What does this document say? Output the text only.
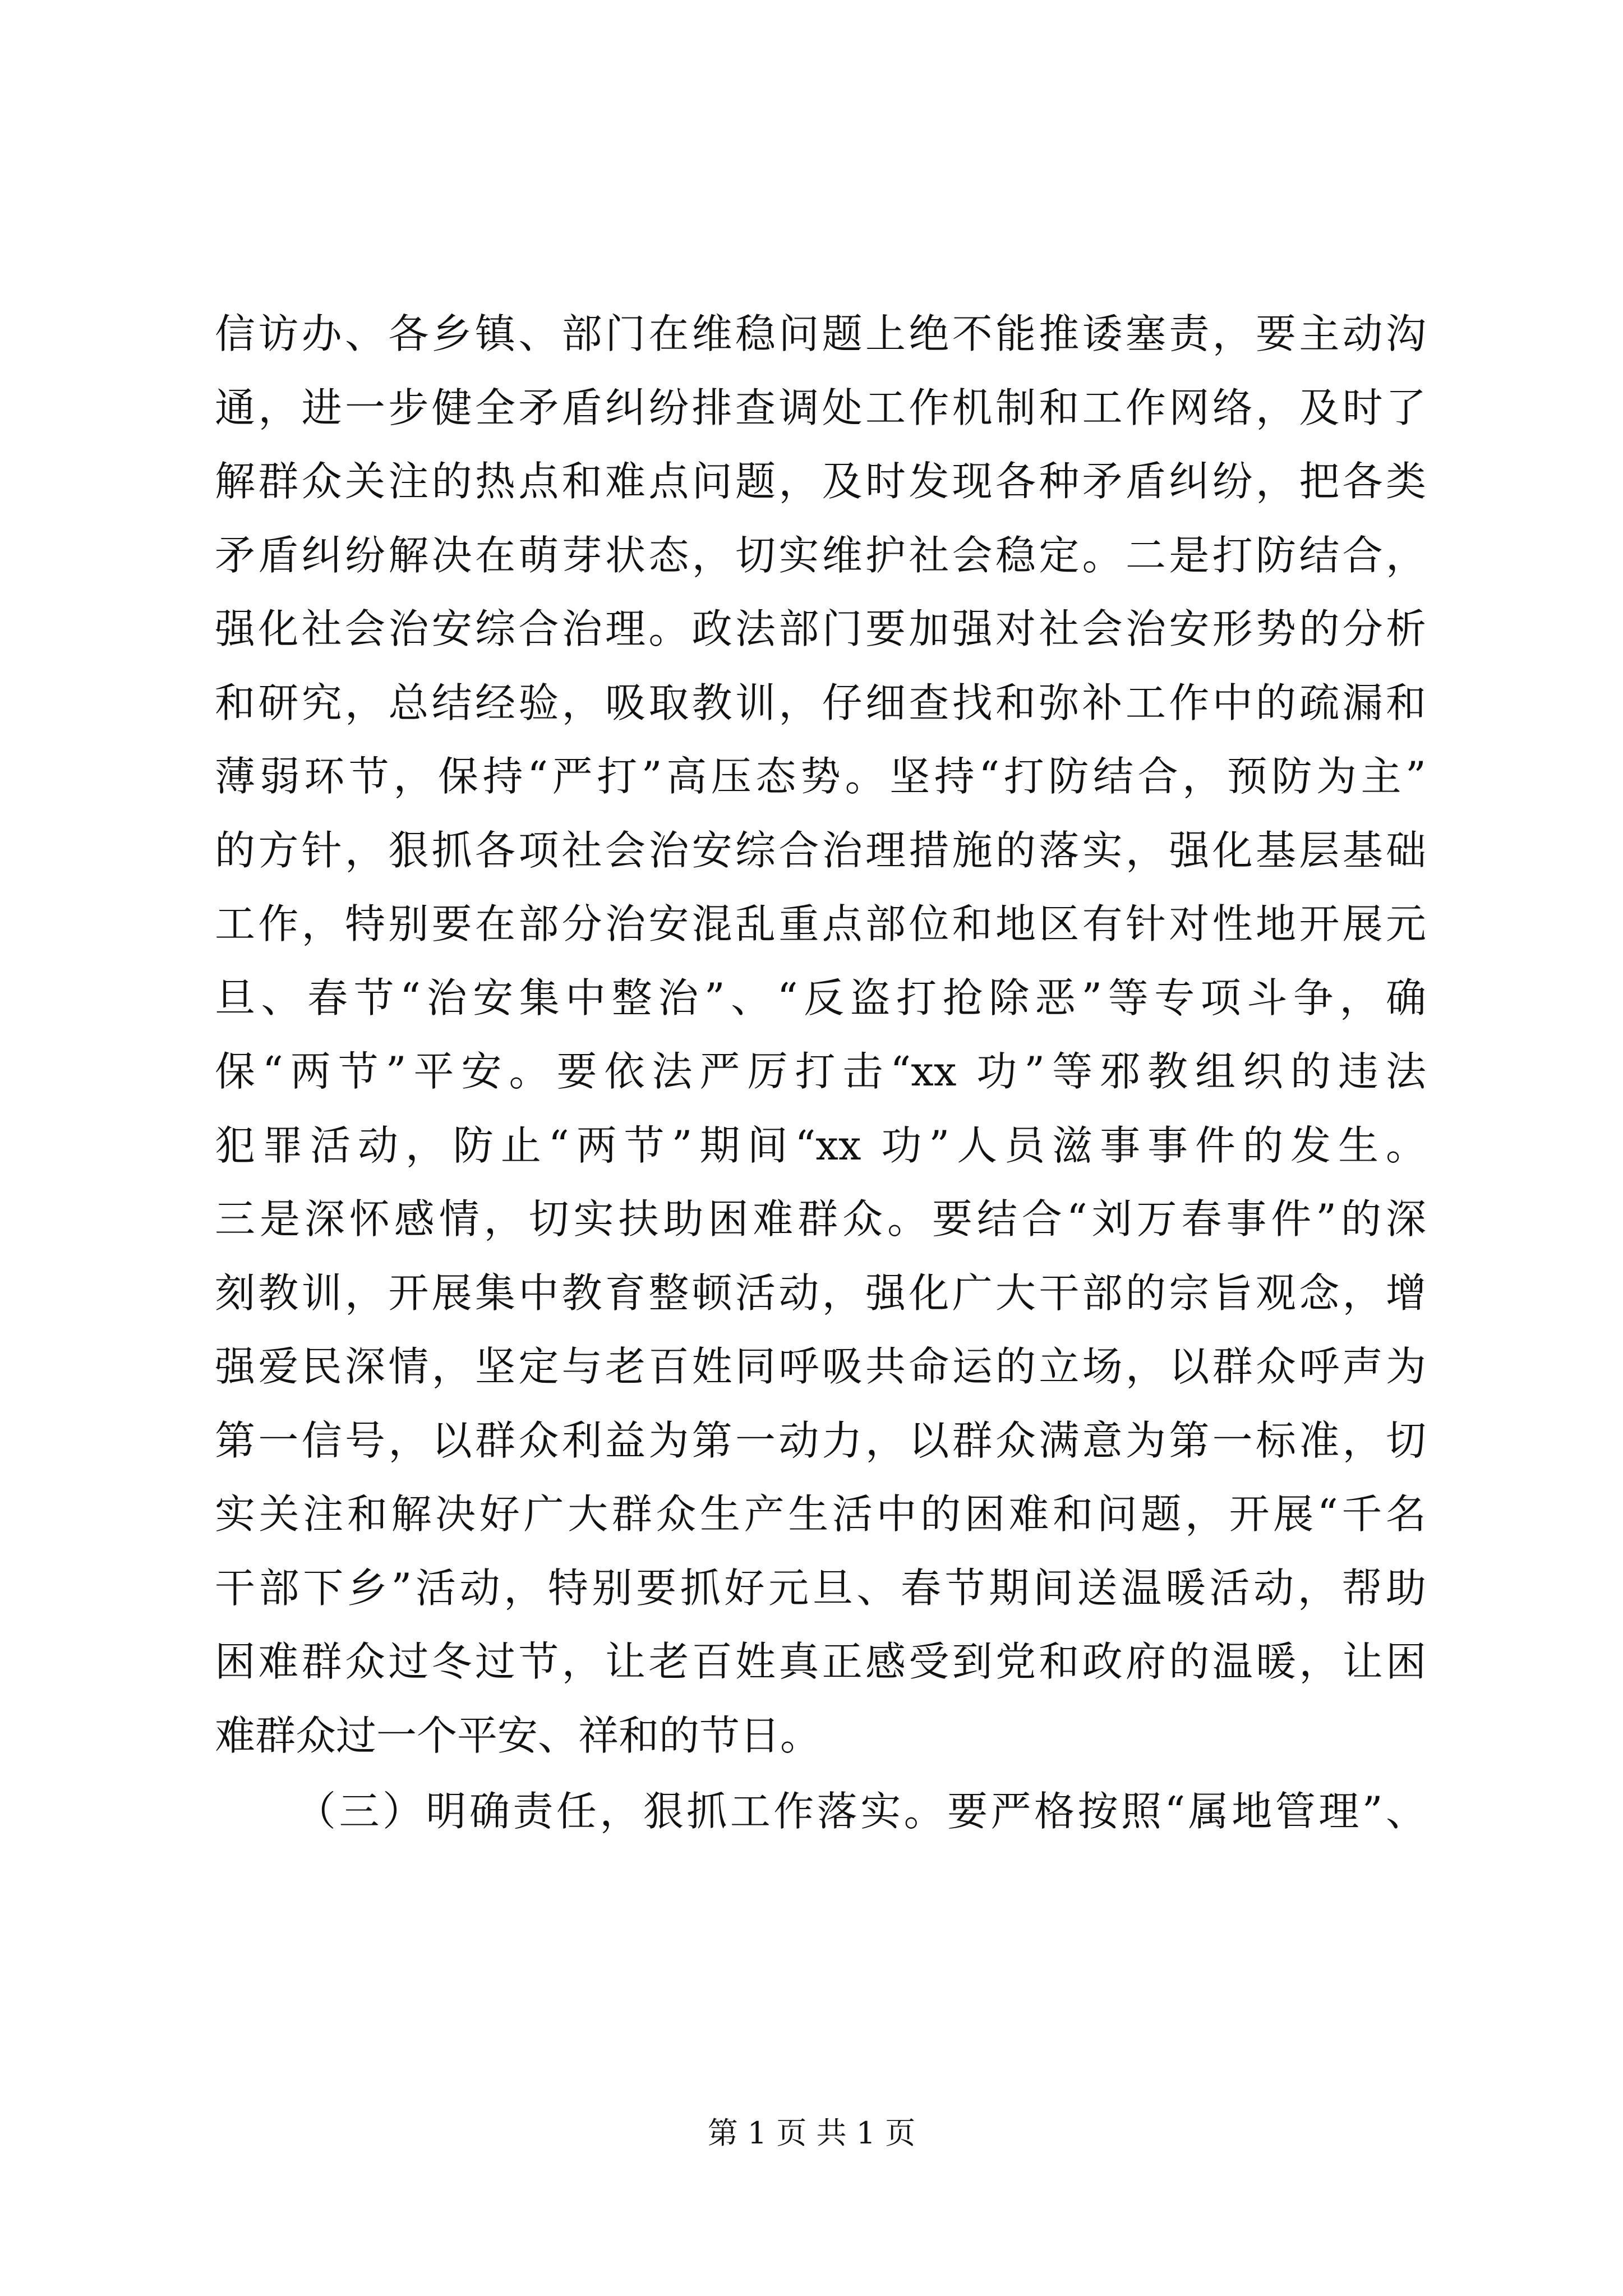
信访办、各乡镇、部门在维稳问题上绝不能推诿塞责，要主动沟
通，进一步健全矛盾纠纷排查调处工作机制和工作网络，及时了
解群众关注的热点和难点问题，及时发现各种矛盾纠纷，把各类
矛盾纠纷解决在萌芽状态，切实维护社会稳定。二是打防结合，
强化社会治安综合治理。政法部门要加强对社会治安形势的分析
和研究，总结经验，吸取教训，仔细查找和弥补工作中的疏漏和
薄弱环节，保持“严打”高压态势。坚持“打防结合，预防为主”
的方针，狠抓各项社会治安综合治理措施的落实，强化基层基础
工作，特别要在部分治安混乱重点部位和地区有针对性地开展元
旦、春节“治安集中整治”、“反盗打抢除恶”等专项斗争，确
保“两节”平安。要依法严厉打击“xx 功”等邪教组织的违法
犯罪活动，防止“两节”期间“xx 功”人员滋事事件的发生。
三是深怀感情，切实扶助困难群众。要结合“刘万春事件”的深
刻教训，开展集中教育整顿活动，强化广大干部的宗旨观念，增
强爱民深情，坚定与老百姓同呼吸共命运的立场，以群众呼声为
第一信号，以群众利益为第一动力，以群众满意为第一标准，切
实关注和解决好广大群众生产生活中的困难和问题，开展“千名
干部下乡”活动，特别要抓好元旦、春节期间送温暖活动，帮助
困难群众过冬过节，让老百姓真正感受到党和政府的温暖，让困
难群众过一个平安、祥和的节日。
（三）明确责任，狠抓工作落实。要严格按照“属地管理”、
第 1 页 共 1 页
